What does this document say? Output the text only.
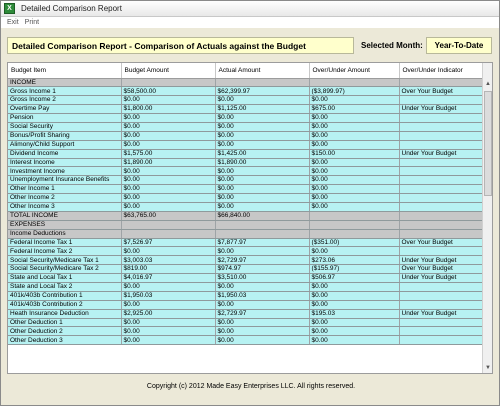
X	Detailed Comparison Report
Exit Print
Detailed Comparison Report - Comparison of Actuals against the Budget	Selected Month:	Year-To-Date
Budget Item	Budget Amount	Actual Amount	Over/Under Amount	Over/Under Indicator
INCOME				
Gross Income 1	$58,500.00	$62,399.97	($3,899.97)	Over Your Budget
Gross Income 2	$0.00	$0.00	$0.00	
Overtime Pay	$1,800.00	$1,125.00	$675.00	Under Your Budget
Pension	$0.00	$0.00	$0.00	
Social Security	$0.00	$0.00	$0.00	
Bonus/Profit Sharing	$0.00	$0.00	$0.00	
Alimony/Child Support	$0.00	$0.00	$0.00	
Dividend Income	$1,575.00	$1,425.00	$150.00	Under Your Budget
Interest Income	$1,890.00	$1,890.00	$0.00	
Investment Income	$0.00	$0.00	$0.00	
Unemployment Insurance Benefits	$0.00	$0.00	$0.00	
Other Income 1	$0.00	$0.00	$0.00	
Other Income 2	$0.00	$0.00	$0.00	
Other Income 3	$0.00	$0.00	$0.00	
TOTAL INCOME	$63,765.00	$66,840.00		
EXPENSES				
Income Deductions				
Federal Income Tax 1	$7,526.97	$7,877.97	($351.00)	Over Your Budget
Federal Income Tax 2	$0.00	$0.00	$0.00	
Social Security/Medicare Tax 1	$3,003.03	$2,729.97	$273.06	Under Your Budget
Social Security/Medicare Tax 2	$819.00	$974.97	($155.97)	Over Your Budget
State and Local Tax 1	$4,016.97	$3,510.00	$506.97	Under Your Budget
State and Local Tax 2	$0.00	$0.00	$0.00	
401k/403b Contribution 1	$1,950.03	$1,950.03	$0.00	
401k/403b Contribution 2	$0.00	$0.00	$0.00	
Heath Insurance Deduction	$2,925.00	$2,729.97	$195.03	Under Your Budget
Other Deduction 1	$0.00	$0.00	$0.00	
Other Deduction 2	$0.00	$0.00	$0.00	
Other Deduction 3	$0.00	$0.00	$0.00	
▲
▼
Copyright (c) 2012 Made Easy Enterprises LLC. All rights reserved.
